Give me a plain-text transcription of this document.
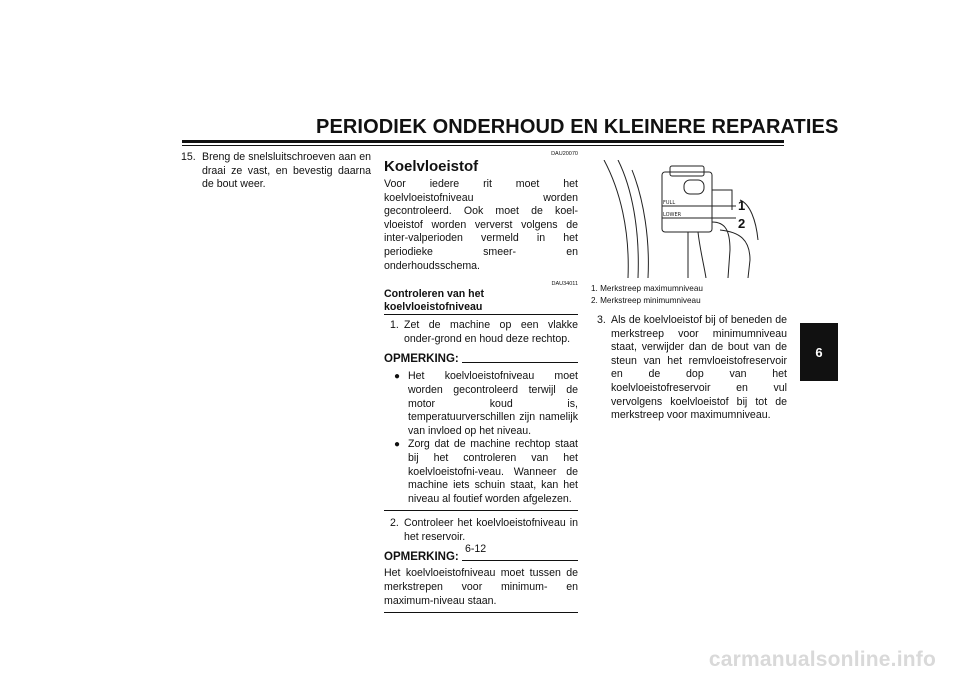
PERIODIEK ONDERHOUD EN KLEINERE REPARATIES

15. Breng de snelsluitschroeven aan en draai ze vast, en bevestig daarna de bout weer.

DAU20070
Koelvloeistof

Voor iedere rit moet het koelvloeistofniveau worden gecontroleerd. Ook moet de koel-vloeistof worden ververst volgens de inter-valperioden vermeld in het periodieke smeer- en onderhoudsschema.

DAU34011
Controleren van het koelvloeistofniveau

1. Zet de machine op een vlakke onder-grond en houd deze rechtop.

OPMERKING:

● Het koelvloeistofniveau moet worden gecontroleerd terwijl de motor koud is, temperatuurverschillen zijn namelijk van invloed op het niveau.

● Zorg dat de machine rechtop staat bij het controleren van het koelvloeistofni-veau. Wanneer de machine iets schuin staat, kan het niveau al foutief worden afgelezen.

2. Controleer het koelvloeistofniveau in het reservoir.

OPMERKING:

Het koelvloeistofniveau moet tussen de merkstrepen voor minimum- en maximum-niveau staan.

FULL
LOWER
1
2
1. Merkstreep maximumniveau
2. Merkstreep minimumniveau

3. Als de koelvloeistof bij of beneden de merkstreep voor minimumniveau staat, verwijder dan de bout van de steun van het remvloeistofreservoir en de dop van het koelvloeistofreservoir en vul vervolgens koelvloeistof bij tot de merkstreep voor maximumniveau.

6
6-12
carmanualsonline.info
